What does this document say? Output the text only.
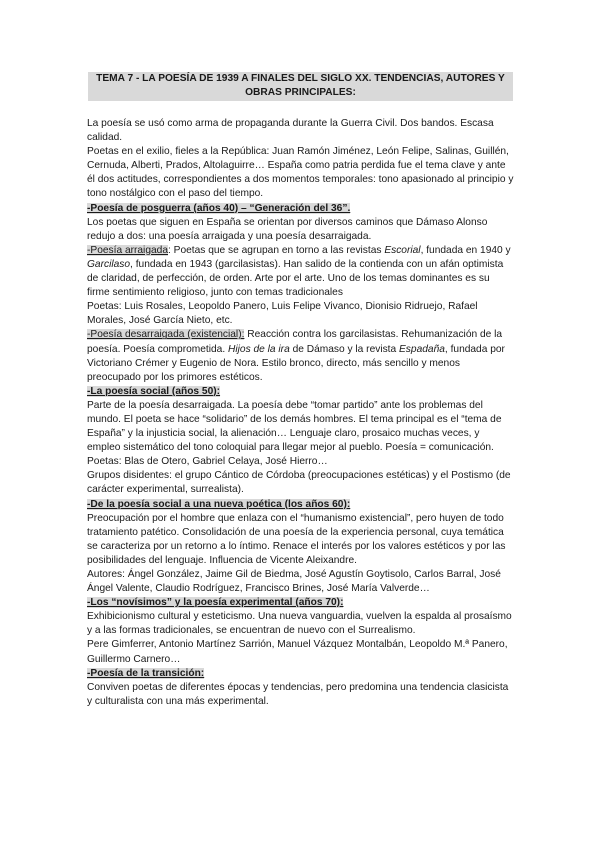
TEMA 7 - LA POESÍA DE 1939 A FINALES DEL SIGLO XX. TENDENCIAS, AUTORES Y OBRAS PRINCIPALES:

La poesía se usó como arma de propaganda durante la Guerra Civil. Dos bandos. Escasa calidad.

Poetas en el exilio, fieles a la República: Juan Ramón Jiménez, León Felipe, Salinas, Guillén, Cernuda, Alberti, Prados, Altolaguirre… España como patria perdida fue el tema clave y ante él dos actitudes, correspondientes a dos momentos temporales: tono apasionado al principio y tono nostálgico con el paso del tiempo.

-Poesía de posguerra (años 40) – “Generación del 36”.

Los poetas que siguen en España se orientan por diversos caminos que Dámaso Alonso redujo a dos: una poesía arraigada y una poesía desarraigada.

-Poesía arraigada: Poetas que se agrupan en torno a las revistas Escorial, fundada en 1940 y Garcilaso, fundada en 1943 (garcilasistas). Han salido de la contienda con un afán optimista de claridad, de perfección, de orden. Arte por el arte. Uno de los temas dominantes es su firme sentimiento religioso, junto con temas tradicionales

Poetas: Luis Rosales, Leopoldo Panero, Luis Felipe Vivanco, Dionisio Ridruejo, Rafael Morales, José García Nieto, etc.

-Poesía desarraigada (existencial): Reacción contra los garcilasistas. Rehumanización de la poesía. Poesía comprometida. Hijos de la ira de Dámaso y la revista Espadaña, fundada por Victoriano Crémer y Eugenio de Nora. Estilo bronco, directo, más sencillo y menos preocupado por los primores estéticos.

-La poesía social (años 50):

Parte de la poesía desarraigada. La poesía debe “tomar partido” ante los problemas del mundo. El poeta se hace “solidario” de los demás hombres. El tema principal es el “tema de España” y la injusticia social, la alienación… Lenguaje claro, prosaico muchas veces, y empleo sistemático del tono coloquial para llegar mejor al pueblo. Poesía = comunicación.

Poetas: Blas de Otero, Gabriel Celaya, José Hierro…

Grupos disidentes: el grupo Cántico de Córdoba (preocupaciones estéticas) y el Postismo (de carácter experimental, surrealista).

-De la poesía social a una nueva poética (los años 60):

Preocupación por el hombre que enlaza con el “humanismo existencial”, pero huyen de todo tratamiento patético. Consolidación de una poesía de la experiencia personal, cuya temática se caracteriza por un retorno a lo íntimo. Renace el interés por los valores estéticos y por las posibilidades del lenguaje. Influencia de Vicente Aleixandre.

Autores: Ángel González, Jaime Gil de Biedma, José Agustín Goytisolo, Carlos Barral, José Ángel Valente, Claudio Rodríguez, Francisco Brines, José María Valverde…

-Los “novísimos” y la poesía experimental (años 70):

Exhibicionismo cultural y esteticismo. Una nueva vanguardia, vuelven la espalda al prosaísmo y a las formas tradicionales, se encuentran de nuevo con el Surrealismo.

Pere Gimferrer, Antonio Martínez Sarrión, Manuel Vázquez Montalbán, Leopoldo M.ª Panero, Guillermo Carnero…

-Poesía de la transición:

Conviven poetas de diferentes épocas y tendencias, pero predomina una tendencia clasicista y culturalista con una más experimental.
